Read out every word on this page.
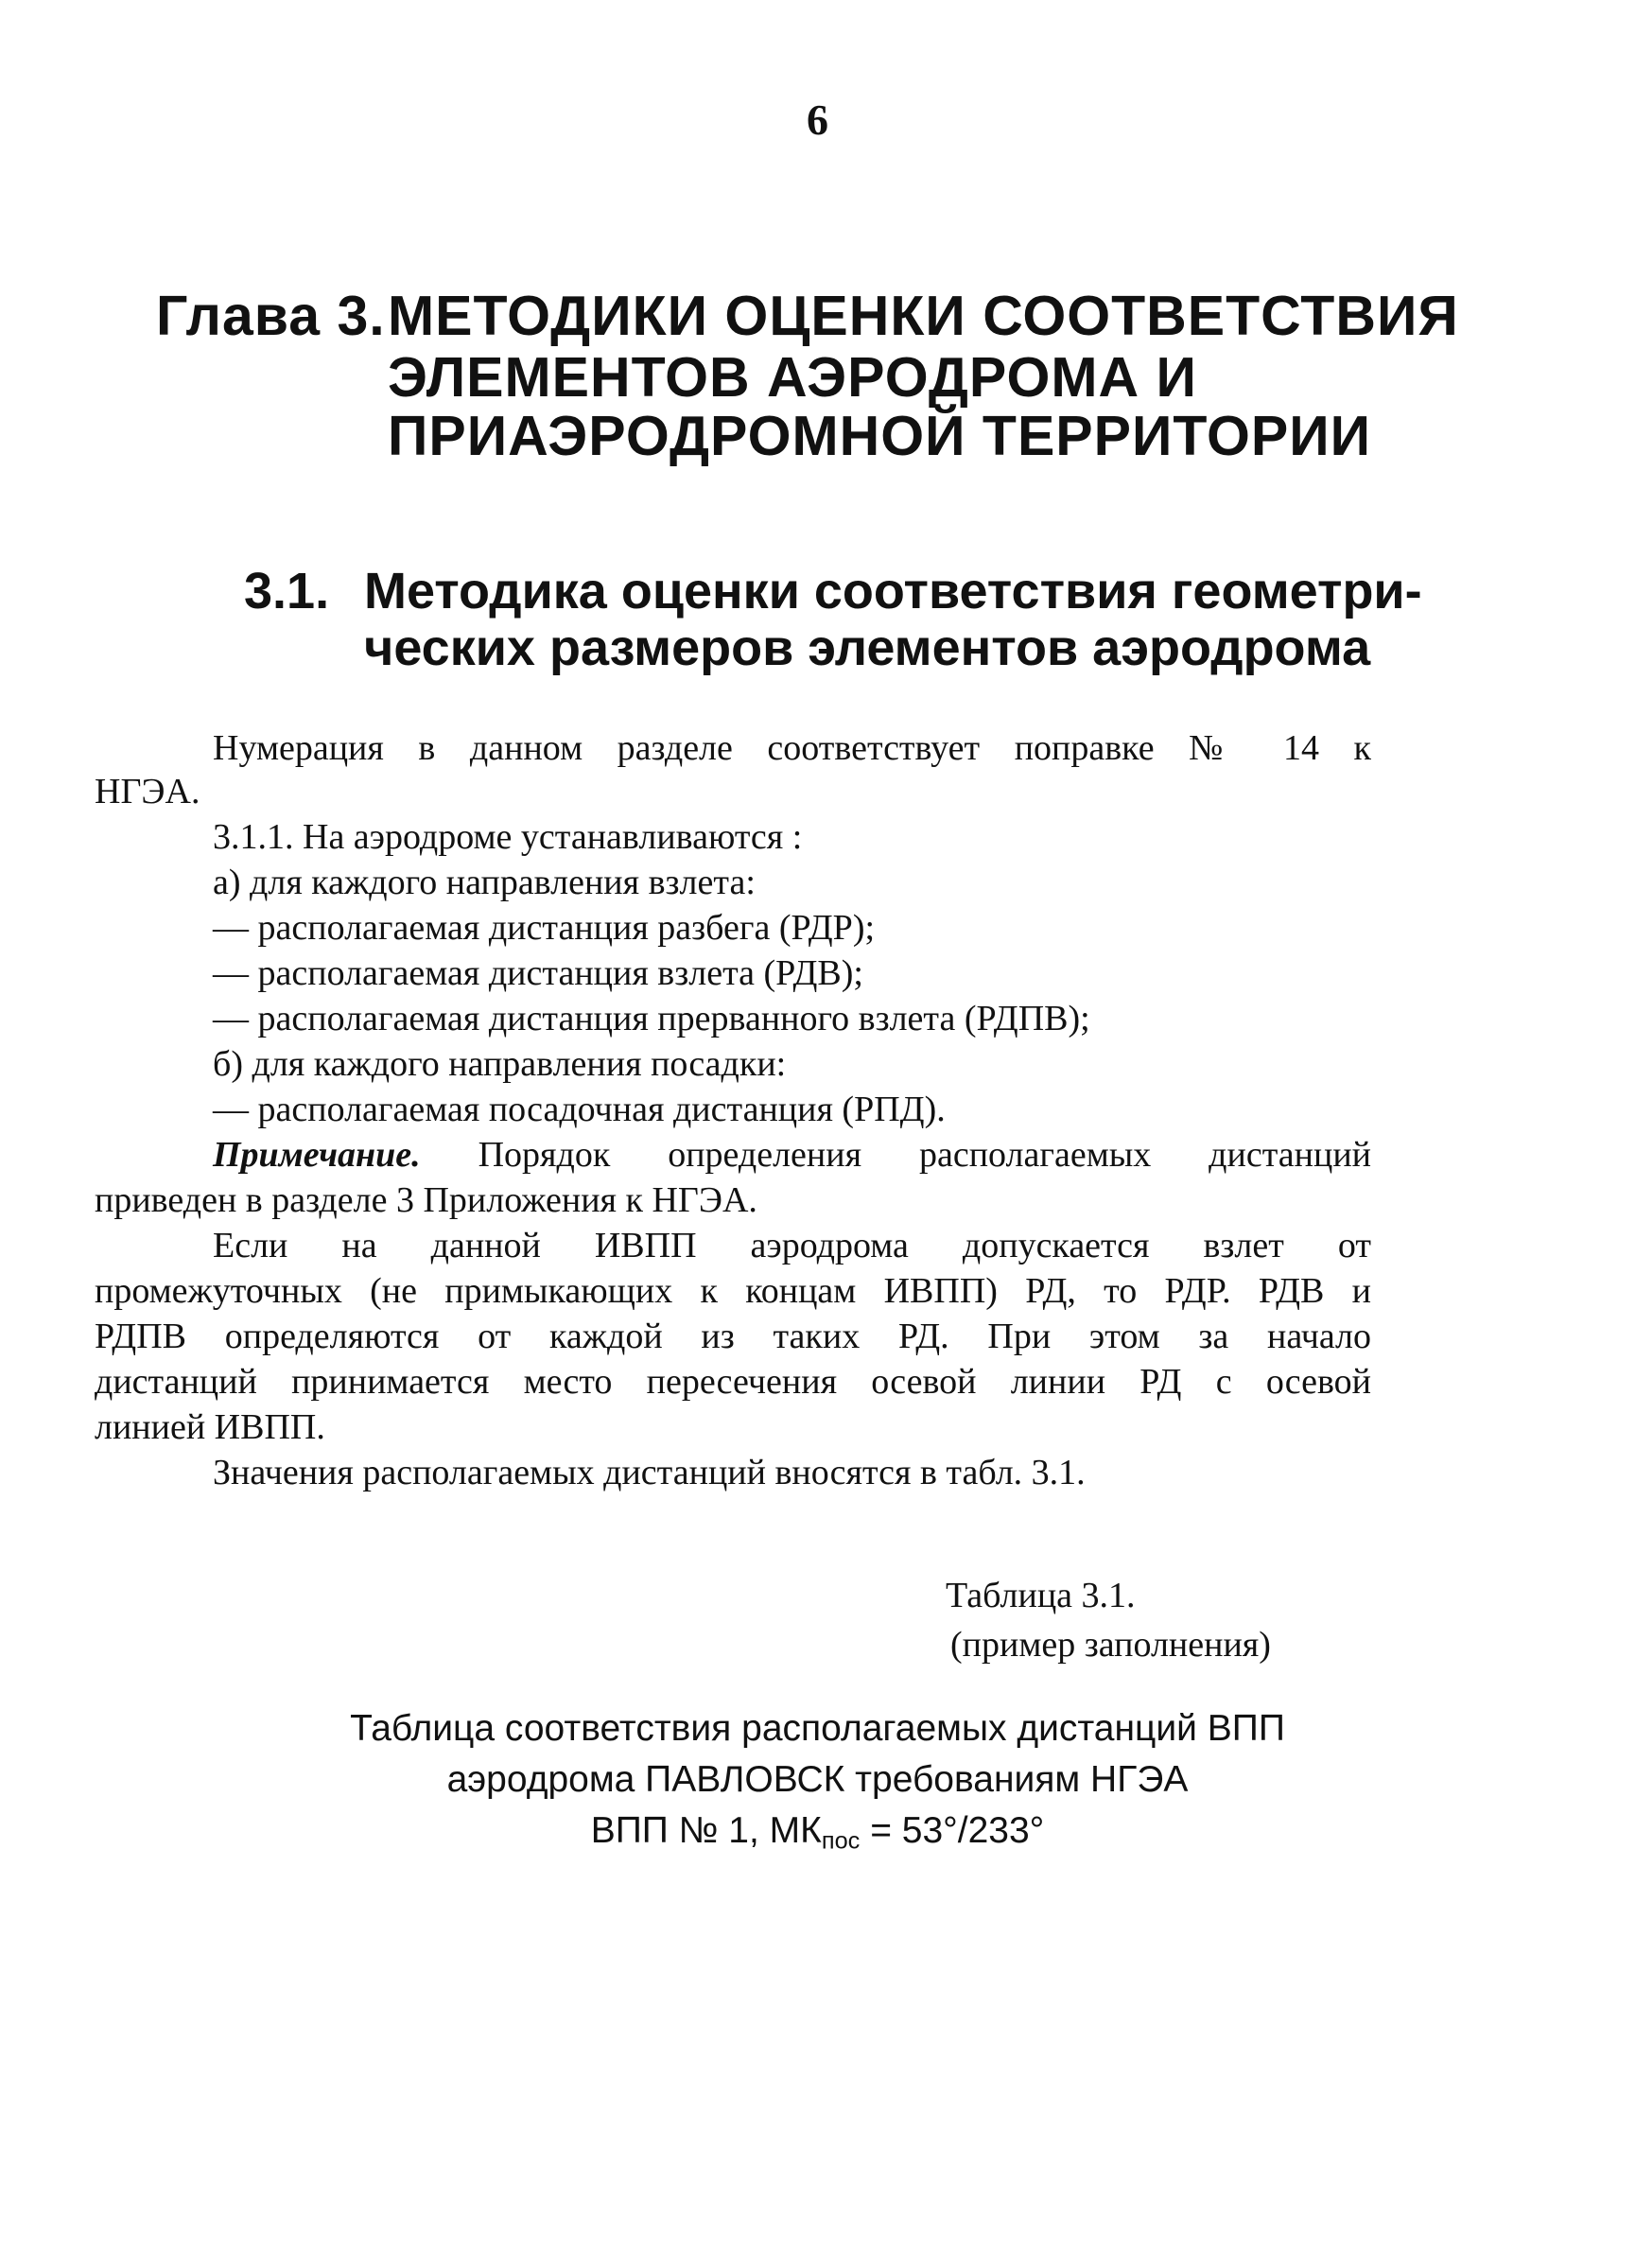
6
Глава 3. МЕТОДИКИ ОЦЕНКИ СООТВЕТСТВИЯ
ЭЛЕМЕНТОВ АЭРОДРОМА И
ПРИАЭРОДРОМНОЙ ТЕРРИТОРИИ
3.1. Методика оценки соответствия геометри-
ческих размеров элементов аэродрома
Нумерация в данном разделе соответствует поправке № 14 к
НГЭА.
3.1.1. На аэродроме устанавливаются :
а) для каждого направления взлета:
— располагаемая дистанция разбега (РДР);
— располагаемая дистанция взлета (РДВ);
— располагаемая дистанция прерванного взлета (РДПВ);
б) для каждого направления посадки:
— располагаемая посадочная дистанция (РПД).
Примечание. Порядок определения располагаемых дистанций
приведен в разделе 3 Приложения к НГЭА.
Если на данной ИВПП аэродрома допускается взлет от
промежуточных (не примыкающих к концам ИВПП) РД, то РДР. РДВ и
РДПВ определяются от каждой из таких РД. При этом за начало
дистанций принимается место пересечения осевой линии РД с осевой
линией ИВПП.
Значения располагаемых дистанций вносятся в табл. 3.1.
Таблица 3.1.
(пример заполнения)
Таблица соответствия располагаемых дистанций ВПП
аэродрома ПАВЛОВСК требованиям НГЭА
ВПП № 1, $МК_{пос} = 53^\circ/233^\circ$
